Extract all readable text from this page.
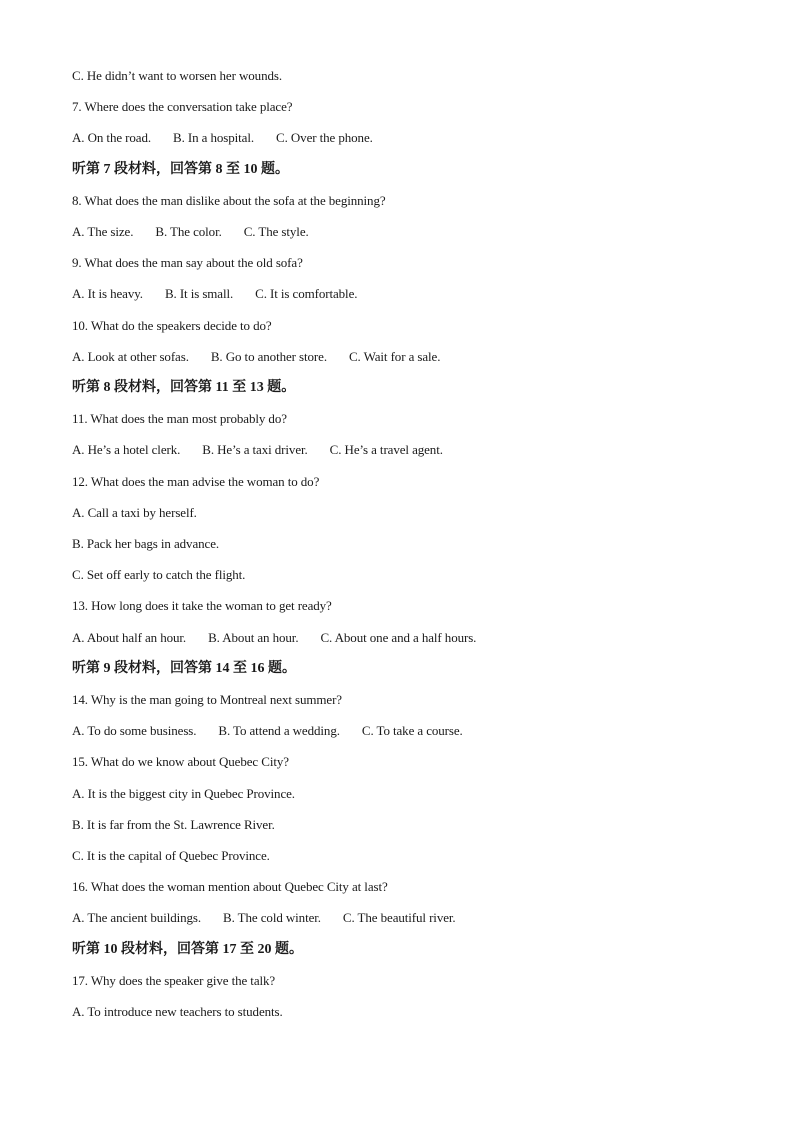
C. He didn’t want to worsen her wounds.
7. Where does the conversation take place?
A. On the road. B. In a hospital. C. Over the phone.
听第 7 段材料，回答第 8 至 10 题。
8. What does the man dislike about the sofa at the beginning?
A. The size. B. The color. C. The style.
9. What does the man say about the old sofa?
A. It is heavy. B. It is small. C. It is comfortable.
10. What do the speakers decide to do?
A. Look at other sofas. B. Go to another store. C. Wait for a sale.
听第 8 段材料，回答第 11 至 13 题。
11. What does the man most probably do?
A. He’s a hotel clerk. B. He’s a taxi driver. C. He’s a travel agent.
12. What does the man advise the woman to do?
A. Call a taxi by herself.
B. Pack her bags in advance.
C. Set off early to catch the flight.
13. How long does it take the woman to get ready?
A. About half an hour. B. About an hour. C. About one and a half hours.
听第 9 段材料，回答第 14 至 16 题。
14. Why is the man going to Montreal next summer?
A. To do some business. B. To attend a wedding. C. To take a course.
15. What do we know about Quebec City?
A. It is the biggest city in Quebec Province.
B. It is far from the St. Lawrence River.
C. It is the capital of Quebec Province.
16. What does the woman mention about Quebec City at last?
A. The ancient buildings. B. The cold winter. C. The beautiful river.
听第 10 段材料，回答第 17 至 20 题。
17. Why does the speaker give the talk?
A. To introduce new teachers to students.
